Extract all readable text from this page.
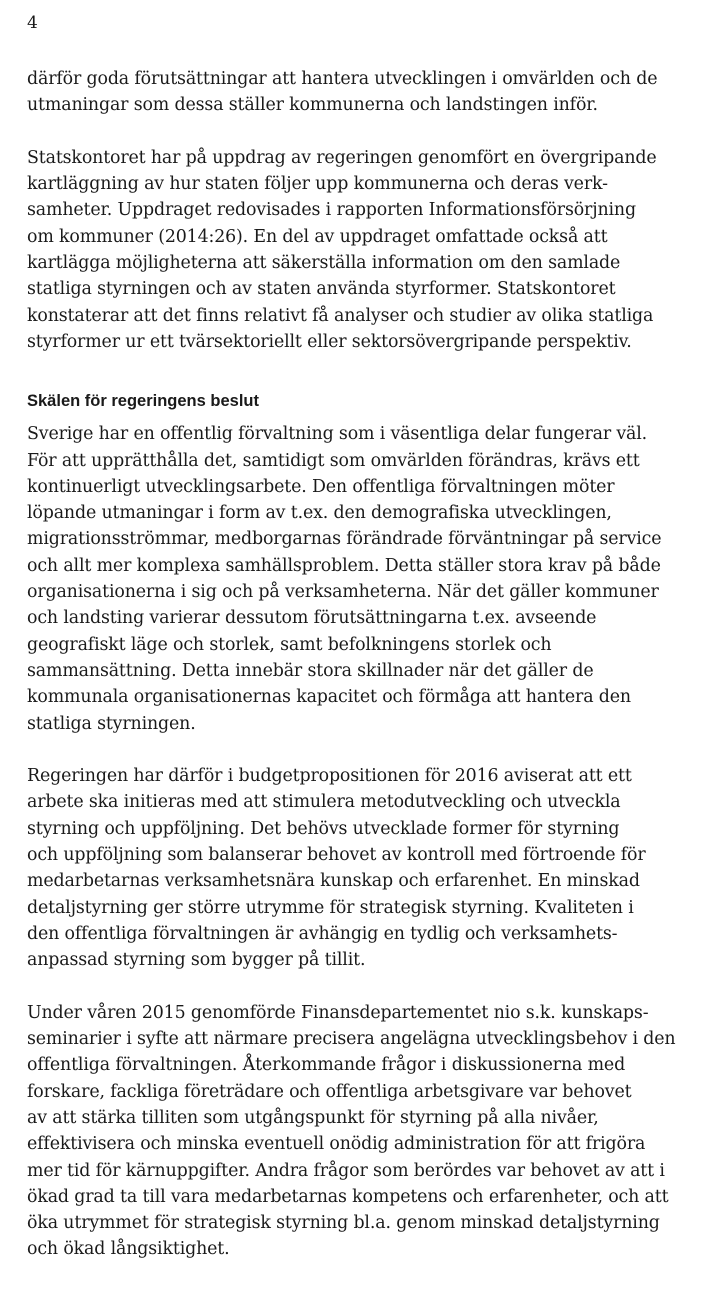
4

därför goda förutsättningar att hantera utvecklingen i omvärlden och de
utmaningar som dessa ställer kommunerna och landstingen inför.

Statskontoret har på uppdrag av regeringen genomfört en övergripande
kartläggning av hur staten följer upp kommunerna och deras verk-
samheter. Uppdraget redovisades i rapporten Informationsförsörjning
om kommuner (2014:26). En del av uppdraget omfattade också att
kartlägga möjligheterna att säkerställa information om den samlade
statliga styrningen och av staten använda styrformer. Statskontoret
konstaterar att det finns relativt få analyser och studier av olika statliga
styrformer ur ett tvärsektoriellt eller sektorsövergripande perspektiv.

Skälen för regeringens beslut

Sverige har en offentlig förvaltning som i väsentliga delar fungerar väl.
För att upprätthålla det, samtidigt som omvärlden förändras, krävs ett
kontinuerligt utvecklingsarbete. Den offentliga förvaltningen möter
löpande utmaningar i form av t.ex. den demografiska utvecklingen,
migrationsströmmar, medborgarnas förändrade förväntningar på service
och allt mer komplexa samhällsproblem. Detta ställer stora krav på både
organisationerna i sig och på verksamheterna. När det gäller kommuner
och landsting varierar dessutom förutsättningarna t.ex. avseende
geografiskt läge och storlek, samt befolkningens storlek och
sammansättning. Detta innebär stora skillnader när det gäller de
kommunala organisationernas kapacitet och förmåga att hantera den
statliga styrningen.

Regeringen har därför i budgetpropositionen för 2016 aviserat att ett
arbete ska initieras med att stimulera metodutveckling och utveckla
styrning och uppföljning. Det behövs utvecklade former för styrning
och uppföljning som balanserar behovet av kontroll med förtroende för
medarbetarnas verksamhetsnära kunskap och erfarenhet. En minskad
detaljstyrning ger större utrymme för strategisk styrning. Kvaliteten i
den offentliga förvaltningen är avhängig en tydlig och verksamhets-
anpassad styrning som bygger på tillit.

Under våren 2015 genomförde Finansdepartementet nio s.k. kunskaps-
seminarier i syfte att närmare precisera angelägna utvecklingsbehov i den
offentliga förvaltningen. Återkommande frågor i diskussionerna med
forskare, fackliga företrädare och offentliga arbetsgivare var behovet
av att stärka tilliten som utgångspunkt för styrning på alla nivåer,
effektivisera och minska eventuell onödig administration för att frigöra
mer tid för kärnuppgifter. Andra frågor som berördes var behovet av att i
ökad grad ta till vara medarbetarnas kompetens och erfarenheter, och att
öka utrymmet för strategisk styrning bl.a. genom minskad detaljstyrning
och ökad långsiktighet.
